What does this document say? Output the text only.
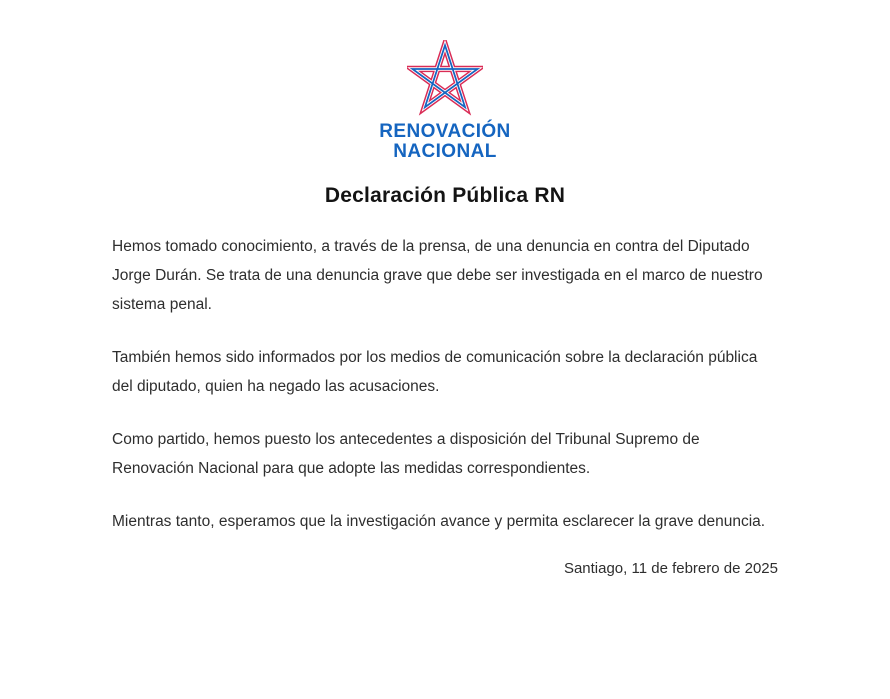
RENOVACIÓN
NACIONAL
Declaración Pública RN

Hemos tomado conocimiento, a través de la prensa, de una denuncia en contra del Diputado Jorge Durán. Se trata de una denuncia grave que debe ser investigada en el marco de nuestro sistema penal.

También hemos sido informados por los medios de comunicación sobre la declaración pública del diputado, quien ha negado las acusaciones.

Como partido, hemos puesto los antecedentes a disposición del Tribunal Supremo de Renovación Nacional para que adopte las medidas correspondientes.

Mientras tanto, esperamos que la investigación avance y permita esclarecer la grave denuncia.

Santiago, 11 de febrero de 2025
